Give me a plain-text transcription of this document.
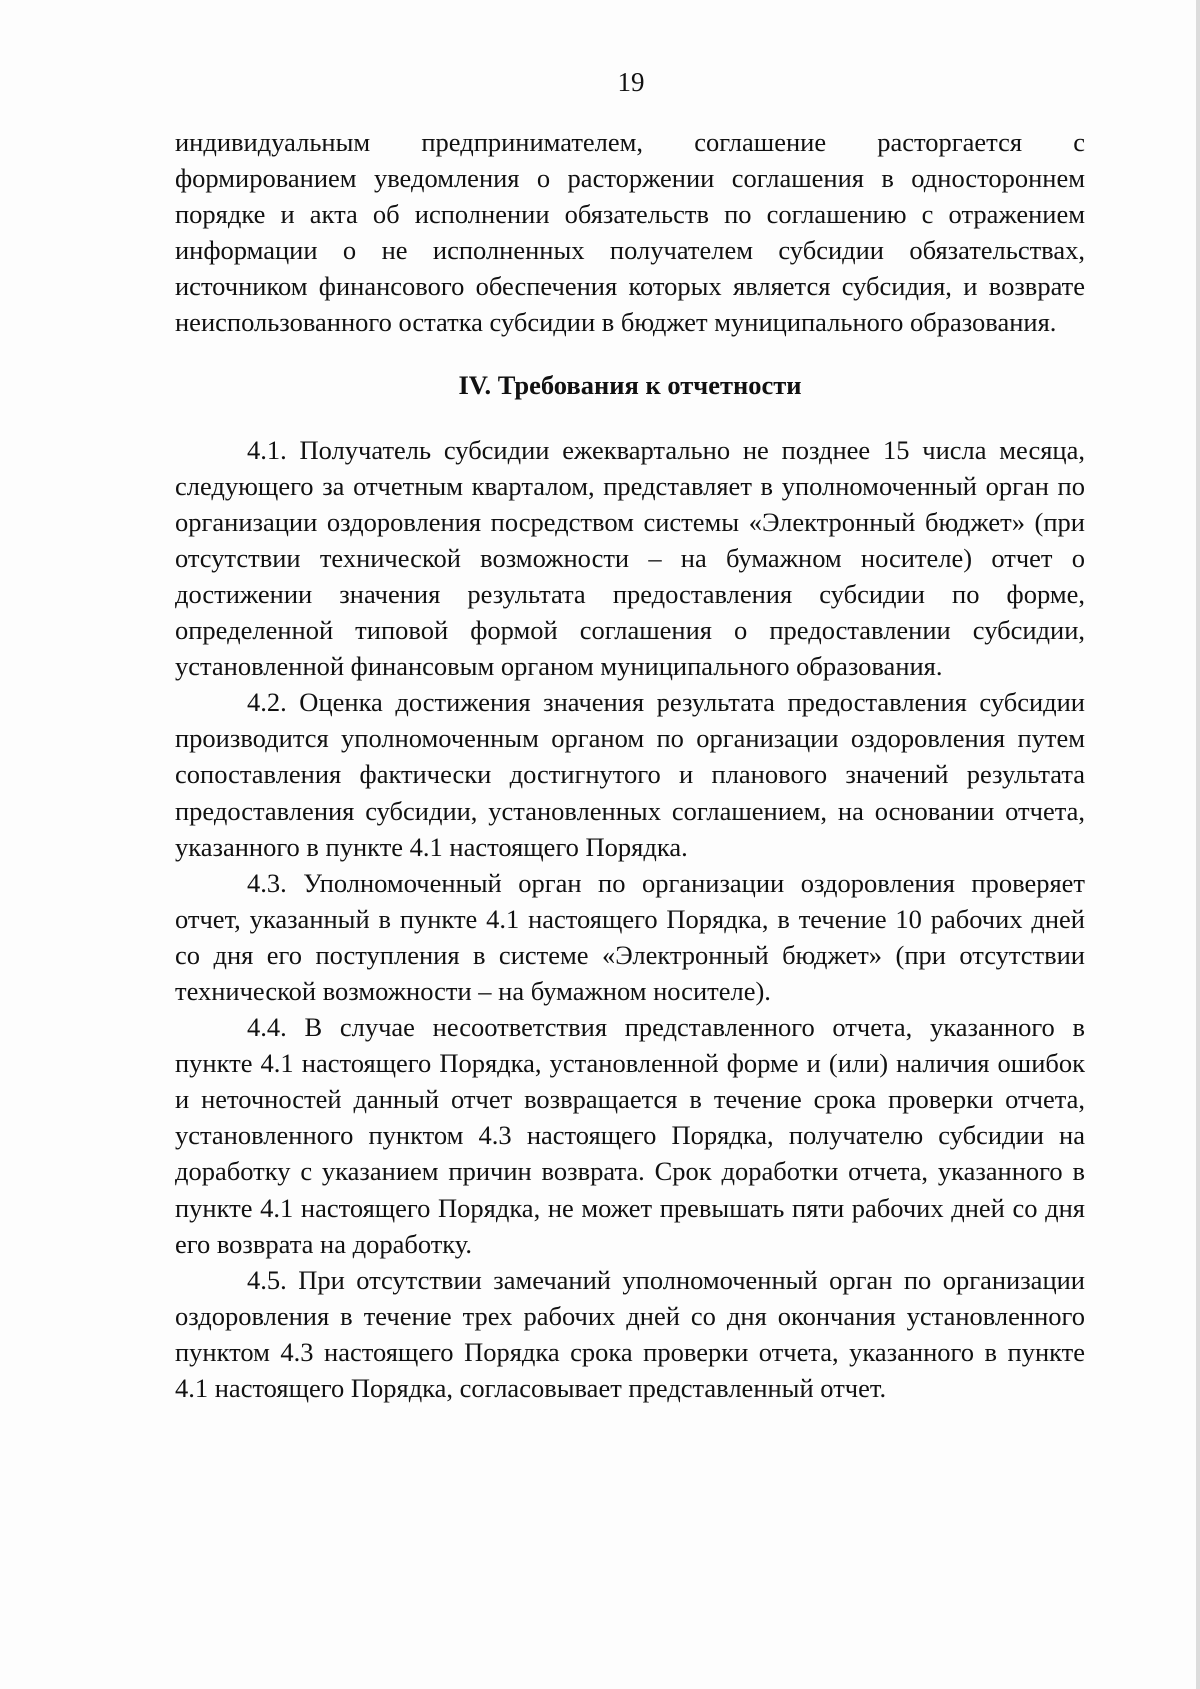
19

индивидуальным предпринимателем, соглашение расторгается с формированием уведомления о расторжении соглашения в одностороннем порядке и акта об исполнении обязательств по соглашению с отражением информации о не исполненных получателем субсидии обязательствах, источником финансового обеспечения которых является субсидия, и возврате неиспользованного остатка субсидии в бюджет муниципального образования.

IV. Требования к отчетности

4.1. Получатель субсидии ежеквартально не позднее 15 числа месяца, следующего за отчетным кварталом, представляет в уполномоченный орган по организации оздоровления посредством системы «Электронный бюджет» (при отсутствии технической возможности – на бумажном носителе) отчет о достижении значения результата предоставления субсидии по форме, определенной типовой формой соглашения о предоставлении субсидии, установленной финансовым органом муниципального образования.

4.2. Оценка достижения значения результата предоставления субсидии производится уполномоченным органом по организации оздоровления путем сопоставления фактически достигнутого и планового значений результата предоставления субсидии, установленных соглашением, на основании отчета, указанного в пункте 4.1 настоящего Порядка.

4.3. Уполномоченный орган по организации оздоровления проверяет отчет, указанный в пункте 4.1 настоящего Порядка, в течение 10 рабочих дней со дня его поступления в системе «Электронный бюджет» (при отсутствии технической возможности – на бумажном носителе).

4.4. В случае несоответствия представленного отчета, указанного в пункте 4.1 настоящего Порядка, установленной форме и (или) наличия ошибок и неточностей данный отчет возвращается в течение срока проверки отчета, установленного пунктом 4.3 настоящего Порядка, получателю субсидии на доработку с указанием причин возврата. Срок доработки отчета, указанного в пункте 4.1 настоящего Порядка, не может превышать пяти рабочих дней со дня его возврата на доработку.

4.5. При отсутствии замечаний уполномоченный орган по организации оздоровления в течение трех рабочих дней со дня окончания установленного пунктом 4.3 настоящего Порядка срока проверки отчета, указанного в пункте 4.1 настоящего Порядка, согласовывает представленный отчет.
